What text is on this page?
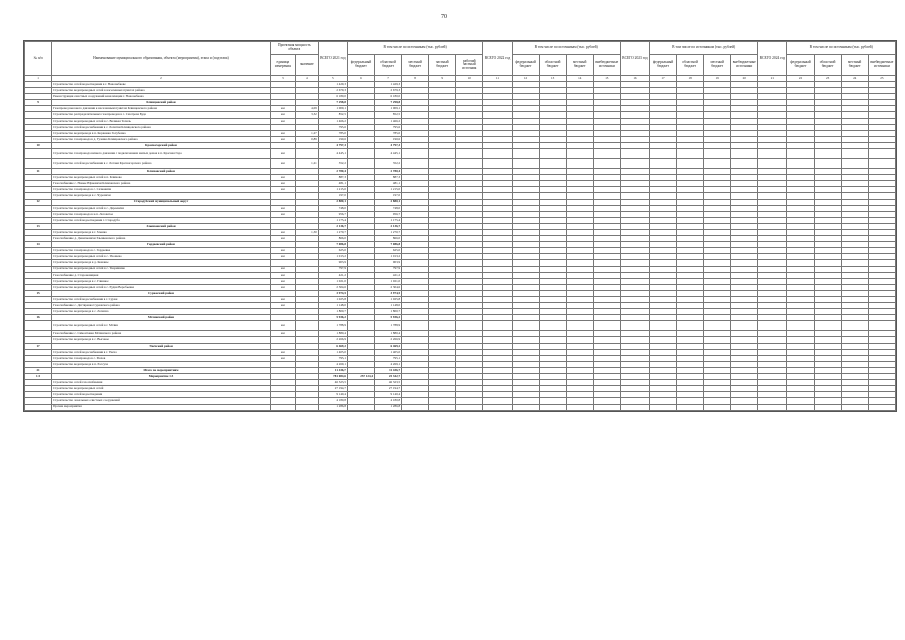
70
№ п/п	Наименование муниципального образования, объекта (мероприятия), этапа и (подэтапа)	Проектная мощность объекта		ВСЕГО 2021 год	В том числе по источникам (тыс. рублей)					ВСЕГО 2022 год	В том числе по источникам (тыс. рублей)				ВСЕГО 2023 год	В том числе по источникам (тыс. рублей)				ВСЕГО 2024 год	В том числе по источникам (тыс. рублей)			
		единица измерения	значение		федеральный бюджет	областной бюджет	местный бюджет	частный бюджет	рабочий частный источник		федеральный бюджет	областной бюджет	местный бюджет	внебюджетные источники		федеральный бюджет	областной бюджет	местный бюджет	внебюджетные источники		федеральный бюджет	областной бюджет	местный бюджет	внебюджетные источники
1	2	3	4	5	6	7	8	9	10	11	12	13	14	15	16	17	18	19	20	21	22	23	24	25
	Строительство сетей водоотведения в г. Новозыбкове			1 429,3		1 429,3																		
	Строительство водопроводных сетей в населенных пунктах района			2 679,3		2 679,3																		
	Реконструкция очистных сооружений канализации г. Новозыбкова			6 180,0		6 180,0																		
9	Клинцовский район			7 298,8		7 298,8																		
	Газопровод высокого давления к населенным пунктам Клинцовского района	км	4,09	1 009,1		1 009,1																		
	Строительство распределительных газопроводов в с. Смотрова Буда	км	3,32	852,5		852,5																		
	Строительство водопроводных сетей в с. Великая Топаль	км		1 466,2		1 466,2																		
	Строительство сетей водоснабжения в с. Лопатни Клинцовского района			795,6		795,6																		
	Строительство водопровода в п. Коржовка Голубовка	км	1,27	785,0		785,0																		
	Строительство газопровода в д. Гулевка Клинцовского района	км	0,89	190,6		190,6																		
10	Красногорский район			4 797,3		4 797,3																		
	Строительство газопровода низкого давления с подключением жилых домов в п. Красная Гора	км		4 445,1		4 445,1																		
	Строительство сетей водоснабжения в с. Лотаки Красногорского района	км	1,21	352,2		352,2																		
11	Климовский район			2 780,4		2 780,4																		
	Строительство водопроводных сетей в п. Климово	км		887,3		887,3																		
	Газоснабжение с. Новые Юрковичи Климовского района	км		481,1		481,1																		
	Строительство газопровода в с. Сачковичи	км		1 215,0		1 215,0																		
	Строительство водопровода в с. Чуровичи			197,0		197,0																		
12	Стародубский муниципальный округ			2 880,1		2 880,1																		
	Строительство водопроводных сетей в с. Дареевичи	км		748,0		748,0																		
	Строительство газопровода в н.п. Логоватое	км		956,7		956,7																		
	Строительство сетей водоотведения г. Стародуба			1 175,4		1 175,4																		
13	Злынковский район			2 136,7		2 136,7																		
	Строительство водопровода в г. Злынка	км	1,30	1 270,7		1 270,7																		
	Газоснабжение д. Денисковичи Злынковского района	км		866,0		866,0																		
14	Гордеевский район			7 086,8		7 086,8																		
	Строительство газопровода в с. Гордеевка	км		625,0		625,0																		
	Строительство водопроводных сетей в с. Уношево	км		1 013,2		1 013,2																		
	Строительство водопровода в д. Кожаны			903,9		903,9																		
	Строительство водопроводных сетей в с. Творишино	км		797,9		797,9																		
	Газоснабжение д. Староновицкая	км		421,2		421,2																		
	Строительство водопровода в с. Глинное	км		1 021,0		1 021,0																		
	Строительство водопроводных сетей в с. Рудня Воробьевка	км		2 304,6		2 304,6																		
15	Суражский район			3 974,5		3 974,5																		
	Строительство сетей водоснабжения в г. Сураж	км		1 025,8		1 025,8																		
	Газоснабжение с. Дегтяревка Суражского района	км		1 148,0		1 148,0																		
	Строительство водопровода в с. Лопазна			1 800,7		1 800,7																		
16	Мглинский район			5 936,2		5 936,2																		
	Строительство водопроводных сетей в г. Мглин	км		1 788,9		1 788,9																		
	Газоснабжение с. Симонтовка Мглинского района	км		1 880,4		1 880,4																		
	Строительство водопровода в с. Высокое			2 266,9		2 266,9																		
17	Унечский район			6 469,2		6 469,2																		
	Строительство сетей водоснабжения в г. Унеча	км		1 405,0		1 405,0																		
	Строительство газопровода в с. Рюхов	км		795,1		795,1																		
	Строительство водопровода в п. Рассуха			4 269,1		4 269,1																		
21	Итого по мероприятиям			11 436,7		11 436,7																		
1.5	Мероприятие 1.5			781 084,6	257 124,4	25 342,7																		
	Строительство сетей газоснабжения			46 323,5		46 323,5																		
	Строительство водопроводных сетей			27 194,7		27 194,7																		
	Строительство сетей водоотведения			9 140,4		9 140,4																		
	Строительство локальных очистных сооружений			4 180,8		4 180,8																		
	Прочие мероприятия			1 286,8		1 286,8																		
